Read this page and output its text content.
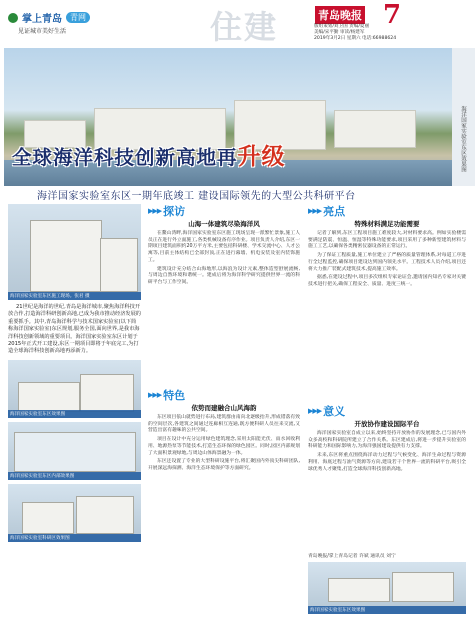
掌上青岛	青网
见证城市美好生活	住建	青岛晚报 7
版组策划/刘卫国 责编/夏丽
美编/宋平勤 审读/杨建军
2019年3月2日 星期六 电话:66988624
海洋国家实验室东区效果图
全球海洋科技创新高地再升级
海洋国家实验室东区一期年底竣工 建设国际领先的大型公共科研平台
海洋国家实验室东区施工现场。张君 摄

21世纪是海洋的世纪,青岛是海洋城市,聚焦海洋科技开放合作,打造海洋科研创新高地,已成为我市推动经济发展的重要抓手。其中,青岛海洋科学与技术国家实验室(以下简称海洋国家实验室)东区规划,服务全国,面向世界,是我市海洋科技创新领域的重要项目。海洋国家实验室东区计划于2015年正式开工建设,东区一期项目即将于年底完工,为打造全球海洋科技创新高地再添新力。

海洋国家实验室东区效果图
海洋国家实验室东区内部效果图
海洋国家实验室科研区效果图
▶▶▶ 探访
山海一体建筑尽染海洋风

在鳌山湾畔,海洋国家实验室东区施工现场呈现一派繁忙景象,施工人员正在进行外立面施工,各类机械设备有序作业。项目负责人介绍,东区一期项目建筑面积约20万平方米,主要包括科研楼、学术交流中心、人才公寓等,目前主体结构已全部封顶,正在进行幕墙、机电安装及室内装饰施工。

建筑设计充分结合山海地形,以海浪为设计元素,整体造型舒展流畅,与周边自然环境和谐统一。建成后将为海洋科学研究提供世界一流的科研平台与工作空间。

▶▶▶ 特色
依势而建融合山风海韵

东区项目依山就势进行布局,建筑群由南向北逐级抬升,形成错落有致的空间层次,各建筑之间通过连廊相互连通,既方便科研人员往来交流,又营造出富有趣味的公共空间。

项目在设计中充分运用绿色建筑理念,采用太阳能光伏、雨水回收利用、地源热泵等节能技术,打造生态环保的绿色园区。同时,园区内部规划了大面积景观绿地,与周边山体海景融为一体。

东区还设置了专业的大型科研设施平台,将汇聚国内外顶尖科研团队,开展深远海探测、海洋生态环境保护等方面研究。

▶▶▶ 亮点
特殊材料满足功能需要

记者了解到,东区工程项目施工难度较大,对材料要求高。例如实验楼需要满足防震、恒温、恒湿等特殊功能要求,项目采用了多种新型建筑材料与施工工艺,以确保各类精密仪器设备的正常运行。

为了保证工程质量,施工单位建立了严格的质量管理体系,对每道工序进行全过程监控,确保项目建设达到国内领先水平。工程技术人员介绍,项目还将大力推广装配式建筑技术,提高施工效率。

据悉,在建设过程中,项目多次组织专家论证会,邀请国内知名专家对关键技术进行把关,确保工程安全、质量、进度三统一。

▶▶▶ 意义
开放协作建设国际平台

海洋国家实验室自成立以来,始终坚持开放协作的发展理念,已与国内外众多高校和科研院所建立了合作关系。东区建成后,将进一步提升实验室的科研能力和国际影响力,为海洋强国建设提供有力支撑。

未来,东区将重点围绕海洋动力过程与气候变化、海洋生命过程与资源利用、海底过程与油气资源等方向,建设若干个世界一流的科研平台,吸引全球优秀人才聚集,打造全球海洋科技创新高地。

海洋国家实验室东区效果图
青岛晚报/掌上青岛记者 许斌 通讯员 刘宁
